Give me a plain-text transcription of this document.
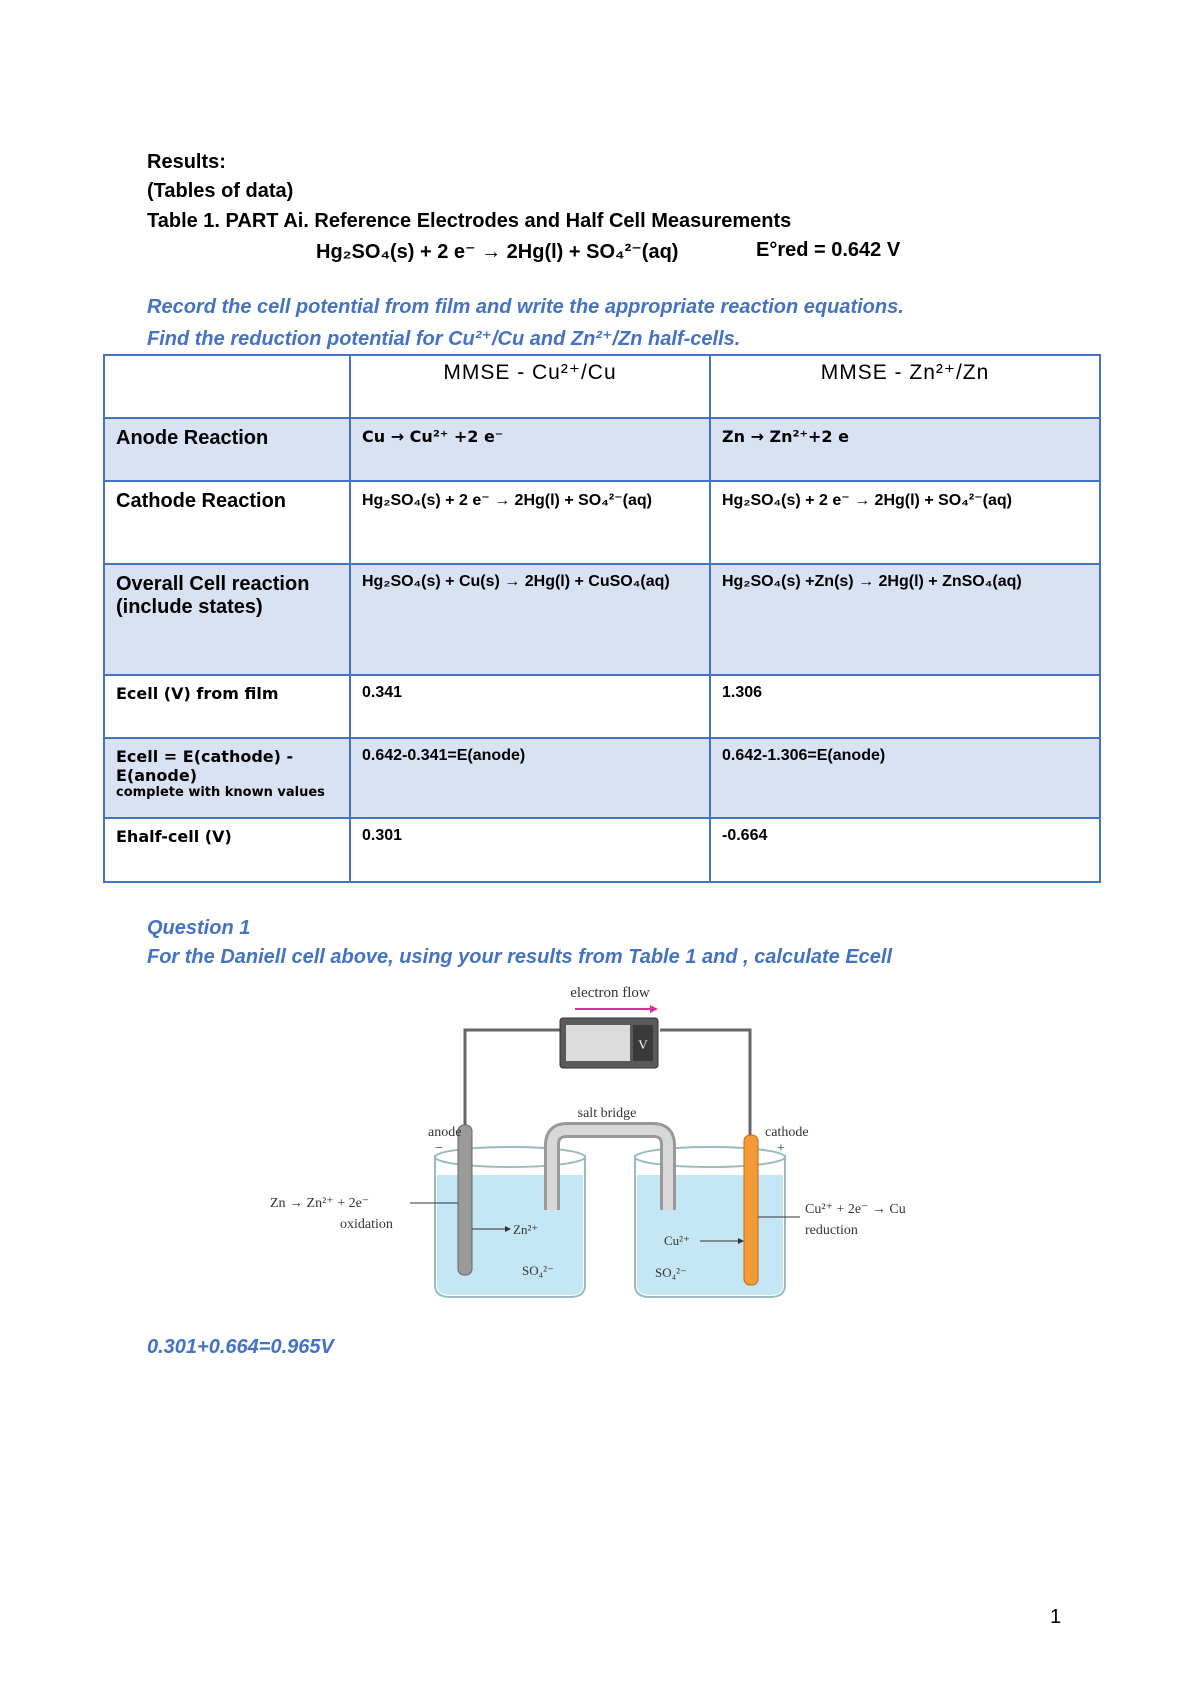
Results:
(Tables of data)
Table 1. PART Ai. Reference Electrodes and Half Cell Measurements
Hg₂SO₄(s) + 2 e⁻ → 2Hg(l) + SO₄²⁻(aq)	E°red = 0.642 V
Record the cell potential from film and write the appropriate reaction equations.
Find the reduction potential for Cu²⁺/Cu and Zn²⁺/Zn half-cells.
	MMSE - Cu²⁺/Cu	MMSE - Zn²⁺/Zn
Anode Reaction	Cu → Cu²⁺ +2 e⁻	Zn → Zn²⁺+2 e
Cathode Reaction	Hg₂SO₄(s) + 2 e⁻ → 2Hg(l) + SO₄²⁻(aq)	Hg₂SO₄(s) + 2 e⁻ → 2Hg(l) + SO₄²⁻(aq)
Overall Cell reaction (include states)	Hg₂SO₄(s) + Cu(s) → 2Hg(l) + CuSO₄(aq)	Hg₂SO₄(s) +Zn(s) → 2Hg(l) + ZnSO₄(aq)
Ecell (V) from film	0.341	1.306
Ecell = E(cathode) - E(anode)
complete with known values	0.642-0.341=E(anode)	0.642-1.306=E(anode)
Ehalf-cell (V)	0.301	-0.664
Question 1
For the Daniell cell above, using your results from Table 1 and , calculate Ecell
electron flow
V
salt bridge
anode
−
cathode
+
Zn → Zn²⁺ + 2e⁻
oxidation	Zn²⁺
SO₄²⁻
Cu²⁺
SO₄²⁻
Cu²⁺ + 2e⁻ → Cu
reduction
0.301+0.664=0.965V
1
